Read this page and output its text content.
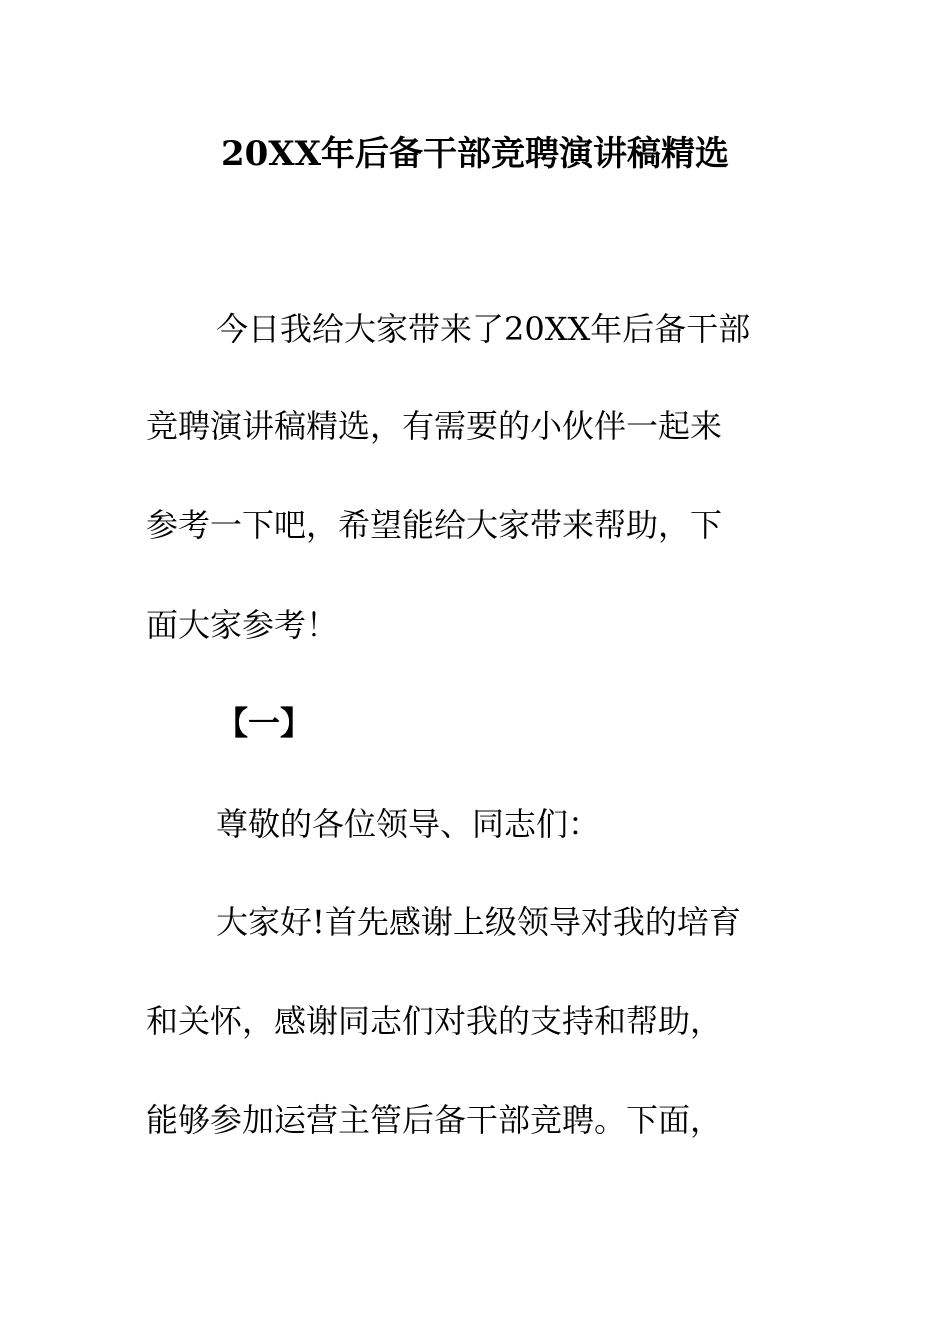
20XX年后备干部竞聘演讲稿精选
今日我给大家带来了20XX年后备干部
竞聘演讲稿精选，有需要的小伙伴一起来
参考一下吧，希望能给大家带来帮助，下
面大家参考！
【一】
尊敬的各位领导、同志们：
大家好!首先感谢上级领导对我的培育
和关怀，感谢同志们对我的支持和帮助，
能够参加运营主管后备干部竞聘。下面，
